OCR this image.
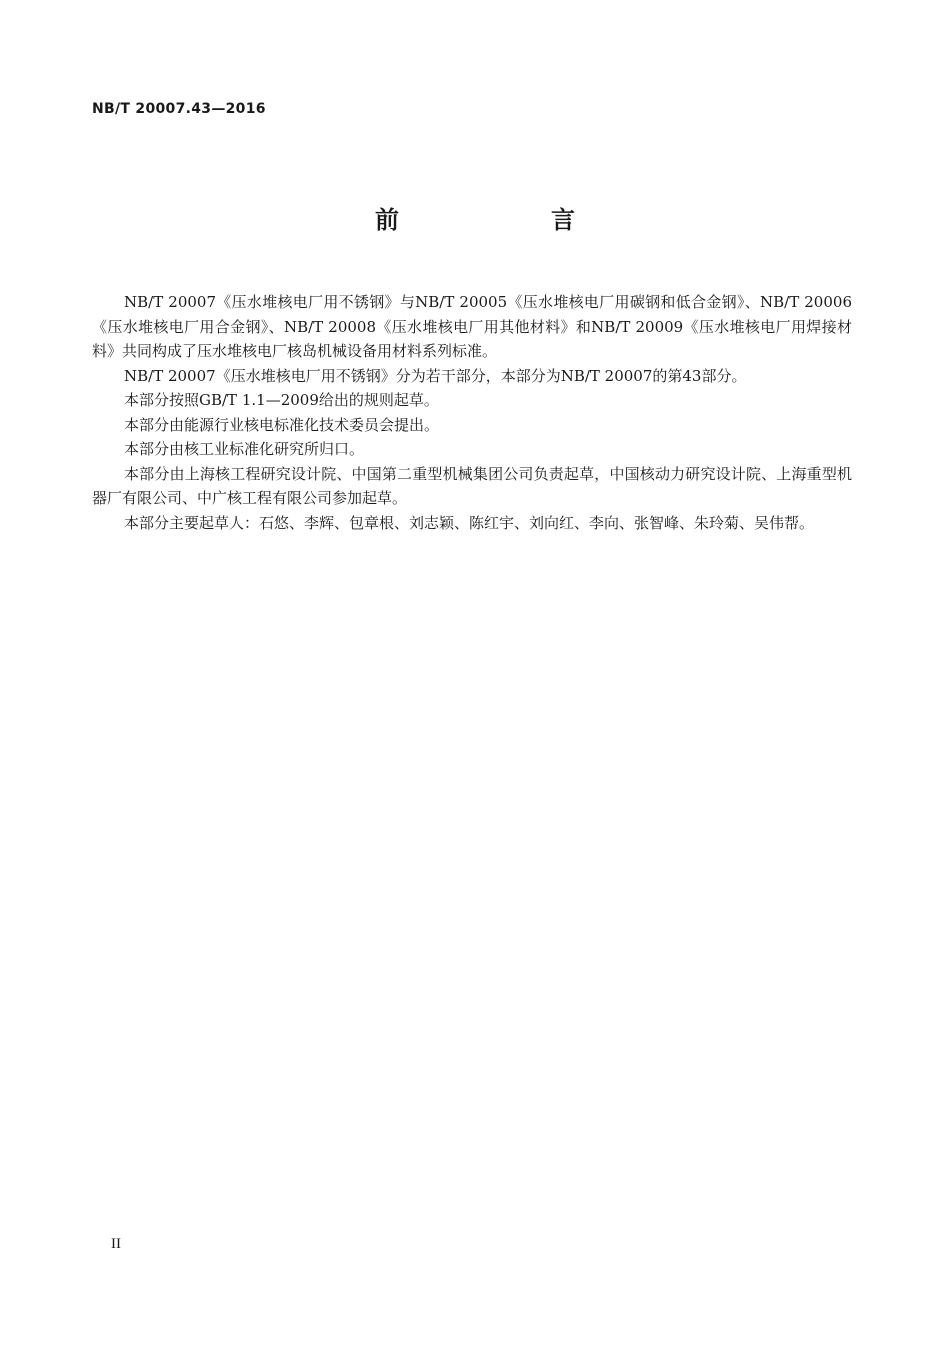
NB/T 20007.43—2016
前　言

NB/T 20007《压水堆核电厂用不锈钢》与NB/T 20005《压水堆核电厂用碳钢和低合金钢》、NB/T 20006《压水堆核电厂用合金钢》、NB/T 20008《压水堆核电厂用其他材料》和NB/T 20009《压水堆核电厂用焊接材料》共同构成了压水堆核电厂核岛机械设备用材料系列标准。

NB/T 20007《压水堆核电厂用不锈钢》分为若干部分，本部分为NB/T 20007的第43部分。

本部分按照GB/T 1.1—2009给出的规则起草。

本部分由能源行业核电标准化技术委员会提出。

本部分由核工业标准化研究所归口。

本部分由上海核工程研究设计院、中国第二重型机械集团公司负责起草，中国核动力研究设计院、上海重型机器厂有限公司、中广核工程有限公司参加起草。

本部分主要起草人：石悠、李辉、包章根、刘志颖、陈红宇、刘向红、李向、张智峰、朱玲菊、吴伟帮。

II
